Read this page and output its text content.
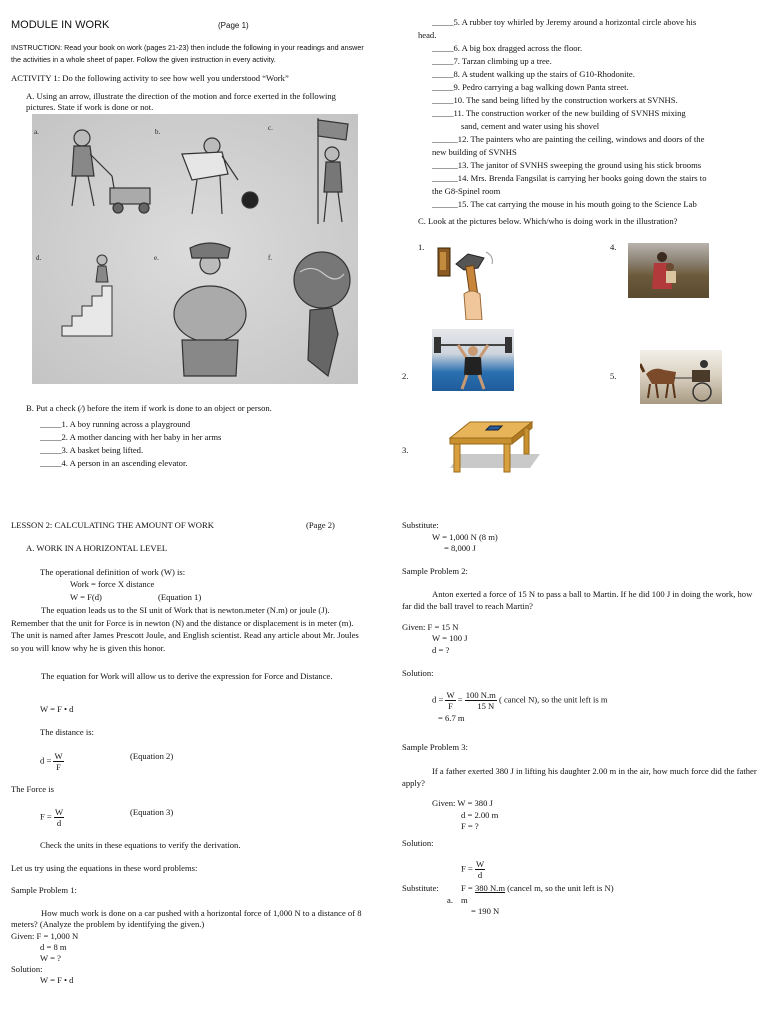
MODULE IN WORK	(Page 1)
INSTRUCTION: Read your book on work (pages 21-23) then include the following in your readings and answer the activities in a whole sheet of paper. Follow the given instruction in every activity.
ACTIVITY 1: Do the following activity to see how well you understood “Work”
A. Using an arrow, illustrate the direction of the motion and force exerted in the following pictures. State if work is done or not.
a.	b.	c.
d.	e.	f.
B. Put a check (⁄) before the item if work is done to an object or person.
_____1. A boy running across a playground
_____2. A mother dancing with her baby in her arms
_____3. A basket being lifted.
_____4. A person in an ascending elevator.
_____5. A rubber toy whirled by Jeremy around a horizontal circle above his
head.
_____6. A big box dragged across the floor.
_____7. Tarzan climbing up a tree.
_____8. A student walking up the stairs of G10-Rhodonite.
_____9. Pedro carrying a bag walking down Panta street.
_____10. The sand being lifted by the construction workers at SVNHS.
_____11. The construction worker of the new building of SVNHS mixing
sand, cement and water using his shovel
______12. The painters who are painting the ceiling, windows and doors of the
new building of SVNHS
______13. The janitor of SVNHS sweeping the ground using his stick brooms
______14. Mrs. Brenda Fangsilat is carrying her books going down the stairs to
the G8-Spinel room
______15. The cat carrying the mouse in his mouth going to the Science Lab
C. Look at the pictures below. Which/who is doing work in the illustration?
1.	4.
2.	5.
3.
LESSON 2: CALCULATING THE AMOUNT OF WORK	(Page 2)
A. WORK IN A HORIZONTAL LEVEL
The operational definition of work (W) is:
Work = force X distance
W = F(d)	(Equation 1)
The equation leads us to the SI unit of Work that is newton.meter (N.m) or joule (J). Remember that the unit for Force is in newton (N) and the distance or displacement is in meter (m). The unit is named after James Prescott Joule, and English scientist. Read any article about Mr. Joules so you will know why he is given this honor.
The equation for Work will allow us to derive the expression for Force and Distance.
W = F • d
The distance is:
$d = \frac{W}{F}$	(Equation 2)
The Force is
$F = \frac{W}{d}$	(Equation 3)
Check the units in these equations to verify the derivation.
Let us try using the equations in these word problems:
Sample Problem 1:
How much work is done on a car pushed with a horizontal force of 1,000 N to a distance of 8 meters? (Analyze the problem by identifying the given.)
Given: F = 1,000 N
d = 8 m
W = ?
Solution:
W = F • d
Substitute:
W = 1,000 N (8 m)
= 8,000 J
Sample Problem 2:
Anton exerted a force of 15 N to pass a ball to Martin. If he did 100 J in doing the work, how far did the ball travel to reach Martin?
Given: F = 15 N
W = 100 J
d = ?
Solution:
$d = \frac{W}{F} = \frac{100 N.m}{15 N}$ ( cancel N), so the unit left is m
= 6.7 m
Sample Problem 3:
If a father exerted 380 J in lifting his daughter 2.00 m in the air, how much force did the father apply?
Given: W = 380 J
d = 2.00 m
F = ?
Solution:
$F = \frac{W}{d}$
Substitute:	F = 380 N.m (cancel m, so the unit left is N)
a. m
= 190 N
